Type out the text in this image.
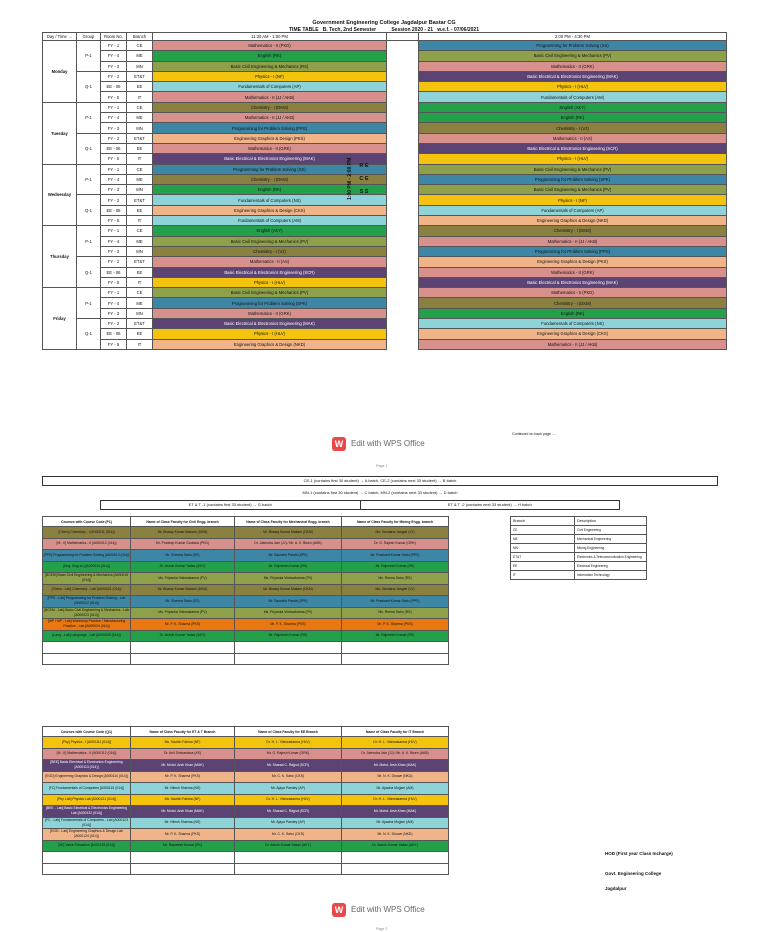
Government Engineering College Jagdalpur Bastar CG
TIME TABLE   B. Tech, 2nd Semester           Session 2020 - 21   w.e.f. - 07/06/2021
Day / Time →	Group	Room No.	Branch	11:30 AM - 1:00 PM		2:00 PM - 4:30 PM
Monday	P-1	FY - 1	CE	Mathematics - II (PKD)		Programming for Problem Solving (SS)
		FY - 4	ME	English (RK)		Basic Civil Engineering & Mechanics (PV)
		FY - 3	MN	Basic Civil Engineering & Mechanics (RS)		Mathematics - II (GRK)
	Q-1	FY - 2	ET&T	Physics - I (NF)		Basic Electrical & Electronics Engineering (MAK)
		EE - 06	EE	Fundamentals of Computers (AP)		Physics - I (HLV)
		FY - 5	IT	Mathematics - II (JJ / AKB)		Fundamentals of Computers (AM)
Tuesday	P-1	FY - 1	CE	Chemistry - I (DKM)		English (AKY)
		FY - 4	ME	Mathematics - II (JJ / AKB)		English (RK)
		FY - 3	MN	Programming for Problem Solving (PPS)		Chemistry - I (VJ)
	Q-1	FY - 2	ET&T	Engineering Graphics & Design (PKS)		Mathematics - II (AS)
		EE - 06	EE	Mathematics - II (GRK)		Basic Electrical & Electronics Engineering (SCR)
		FY - 5	IT	Basic Electrical & Electronics Engineering (MAK)		Physics - I (HLV)
Wednesday	P-1	FY - 1	CE	Programming for Problem Solving (SS)		Basic Civil Engineering & Mechanics (PV)
		FY - 4	ME	Chemistry - I (DKM)		Programming for Problem Solving (SPK)
		FY - 3	MN	English (RK)		Basic Civil Engineering & Mechanics (PV)
	Q-1	FY - 2	ET&T	Fundamentals of Computers (NS)		Physics - I (NF)
		EE - 06	EE	Engineering Graphics & Design (CKS)		Fundamentals of Computers (AP)
		FY - 5	IT	Fundamentals of Computers (AM)		Engineering Graphics & Design (NKD)
Thursday	P-1	FY - 1	CE	English (AKY)		Chemistry - I (DKM)
		FY - 4	ME	Basic Civil Engineering & Mechanics (PV)		Mathematics - II (JJ / AKB)
		FY - 3	MN	Chemistry - I (VJ)		Programming for Problem Solving (PPS)
	Q-1	FY - 2	ET&T	Mathematics - II (AS)		Engineering Graphics & Design (PKS)
		EE - 06	EE	Basic Electrical & Electronics Engineering (SCR)		Mathematics - II (GRK)
		FY - 5	IT	Physics - I (HLV)		Basic Electrical & Electronics Engineering (MAK)
Friday	P-1	FY - 1	CE	Basic Civil Engineering & Mechanics (PV)		Mathematics - II (PKD)
		FY - 4	ME	Programming for Problem Solving (SPK)		Chemistry - I (DKM)
		FY - 3	MN	Mathematics - II (GRK)		English (RK)
	Q-1	FY - 2	ET&T	Basic Electrical & Electronics Engineering (MAK)		Fundamentals of Computers (NS)
		EE - 06	EE	Physics - I (HLV)		Engineering Graphics & Design (CKS)
		FY - 5	IT	Engineering Graphics & Design (NKD)		Mathematics - II (JJ / AKB)
R E C E S S
1:00 PM - 2:00 PM
W Edit with WPS Office
Continued on back page ....
Page 1
CE-1 (contains first 30 student) → A batch, CE-2 (contains next 33 student) → B batch
MN-1 (contains first 30 student) → C batch, MN-2 (contains next 33 student) → D batch
ET & T -1 (contains first 33 student) → G batch	ET & T -2 (contains next 33 student) → H batch
Courses with Course Code (P1)	Name of Class Faculty for Civil Engg. branch	Name of Class Faculty for Mechanical Engg. branch	Name of Class Faculty for Mining Engg. branch
[Chem] Chemistry - I [A000211 (014)]	Mr. Bhaiay Kumar Makam (DKM)	Mr. Bhaiay Kumar Makam (DKM)	Ms. Vandana Jangde (VJ)
[M - II] Mathematics - II [A000012 (014)]	Mr. Pradeep Kumar Godavia (PKD)	Dr. Jatendra Jain (JJ) / Mr. A. K. Bisen (AKB)	Dr. G. Rajesh Kumar (GRK)
[PPS] Programming for Problem Solving [A000013 (014)]	Mr. Sheena Sahu (SS)	Mr. Saurabh Pandit (SPK)	Mr. Prashant Kumar Sahu (PPS)
[Eng. Engl.st.] [A000014 (014)]	Dr. Ashok Kumar Yadav (AKY)	Mr. Rajneesh Kumar (RK)	Mr. Rajneesh Kumar (RK)
[BCEM] Basic Civil Engineering & Mechanics [A000015 (014)]	Ms. Priyanka Vishwakarma (PV)	Ms. Priyanka Vishwakarma (PV)	Ms. Reena Sahu (RS)
[Chem - Lab] Chemistry - Lab [A000021 (014)]	Mr. Bhaiay Kumar Makam (DKM)	Mr. Bhaiay Kumar Makam (DKM)	Ms. Vandana Jangde (VJ)
[PPS - Lab] Programming for Problem Solving - Lab [A000022 (014)]	Mr. Sheena Sahu (SS)	Mr. Saurabh Pandit (SPK)	Mr. Prashant Kumar Sahu (PPS)
[BCEM - Lab] Basic Civil Engineering & Mechanics - Lab [A000023 (014)]	Ms. Priyanka Vishwakarma (PV)	Ms. Priyanka Vishwakarma (PV)	Ms. Reena Sahu (RS)
[WP / MP - Lab] Workshop Practice / Manufacturing Practice - Lab [A000024 (014)]	Mr. P. K. Sharma (PKS)	Mr. P. K. Sharma (PKS)	Mr. P. K. Sharma (PKS)
[Lang - Lab] Language - Lab [A000025 (014)]	Dr. Ashok Kumar Yadav (AKY)	Mr. Rajneesh Kumar (RK)	Mr. Rajneesh Kumar (RK)

Branch	Description
CE	Civil Engineering
ME	Mechanical Engineering
MN	Mining Engineering
ET&T	Electronics & Telecommunication Engineering
EE	Electrical Engineering
IT	Information Technology
Courses with Course Code (Q1)	Name of Class Faculty for ET & T Branch	Name of Class Faculty for EE Branch	Name of Class Faculty for IT Branch
[Phy] Physics - I [A000111 (014)]	Ms. Nazish Fatima (NF)	Dr. H. L. Vishwakarma (HLV)	Dr. H. L. Vishwakarma (HLV)
[M - II] Mathematics - II [A000112 (014)]	Dr. Anil Shrivastava (AS)	Mr. G. Rajesh Kumar (GRK)	Dr. Jatendra Jain (JJ) / Mr. A. K. Bisen (AKB)
[BEE] Basic Electrical & Electronics Engineering [A000113 (014)]	Mr. Mohd. Arsh Khan (MAK)	Mr. Sharad C. Rajput (SCR)	Mr. Mohd. Arsh Khan (MAK)
[EGD] Engineering Graphics & Design [A000114 (014)]	Mr. P. K. Sharma (PKS)	Mr. C. K. Sahu (CKS)	Mr. N. K. Dhuwe (NKD)
[FC] Fundamentals of Computers [A000115 (014)]	Mr. Nilesh Sharma (NS)	Mr. Ajaya Pandey (AP)	Mr. Ajaaina Mojjam (AM)
[Phy Lab] Physics Lab [A000121 (014)]	Ms. Nazish Fatima (NF)	Dr. H. L. Vishwakarma (HLV)	Dr. H. L. Vishwakarma (HLV)
[BEE - Lab] Basic Electrical & Electronics Engineering Lab [A000122 (014)]	Mr. Mohd. Arsh Khan (MAK)	Mr. Sharad C. Rajput (SCR)	Mr. Mohd. Arsh Khan (MAK)
[FC - Lab] Fundamentals of Computers - Lab [A000123 (014)]	Mr. Nilesh Sharma (NS)	Mr. Ajaya Pandey (AP)	Mr. Ajaaina Mojjam (AM)
[EGD - Lab] Engineering Graphics & Design Lab [A000124 (014)]	Mr. P. K. Sharma (PKS)	Mr. C. K. Sahu (CKS)	Mr. N. K. Dhuwe (NKD)
[VE] Value Education [A000125 (014)]	Mr. Rajneesh Kumar (RK)	Dr. Ashok Kumar Yadav (AKY)	Dr. Ashok Kumar Yadav (AKY)

HOD (First year Class Incharge)
Govt. Engineering College
Jagdalpur
W Edit with WPS Office
Page 2
